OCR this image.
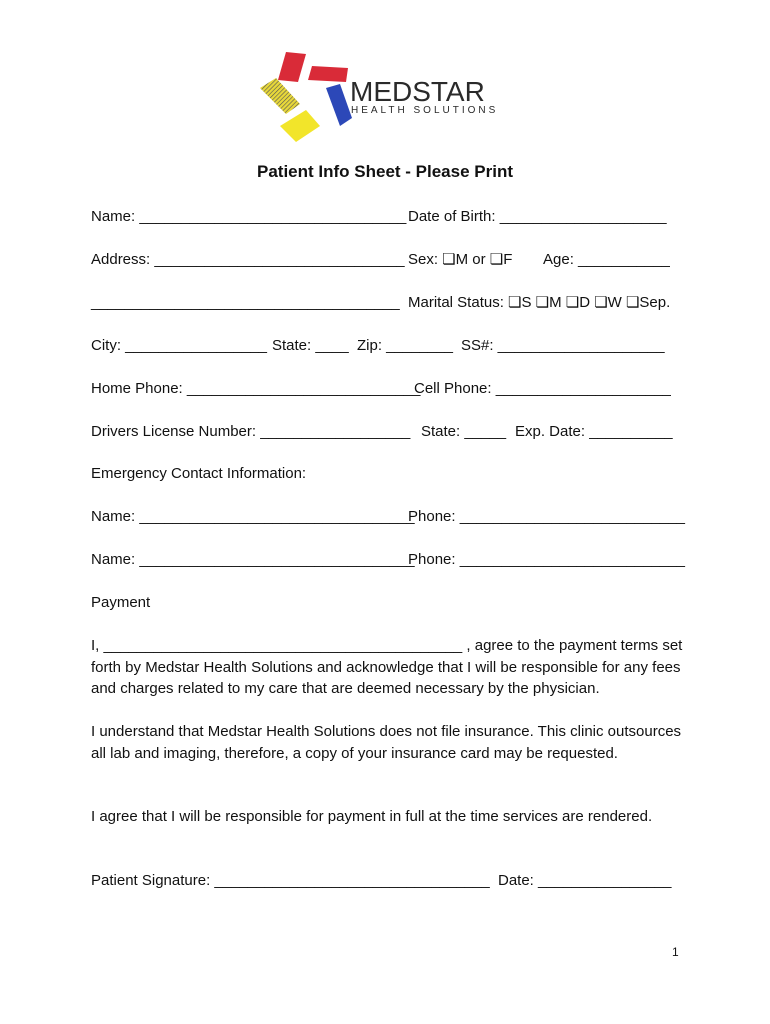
MEDSTAR
HEALTH SOLUTIONS
Patient Info Sheet - Please Print
Name: ________________________________ Date of Birth: ____________________
Address: ______________________________ Sex: ❏M or ❏F Age: ___________
_____________________________________ Marital Status: ❏S ❏M ❏D ❏W ❏Sep.
City: _________________ State: ____ Zip: ________ SS#: ____________________
Home Phone: ____________________________
Cell Phone: _____________________
Drivers License Number: __________________ State: _____ Exp. Date: __________
Emergency Contact Information:
Name: _________________________________
Phone: ___________________________
Name: _________________________________
Phone: ___________________________
Payment
I, ___________________________________________ , agree to the payment terms set forth by Medstar Health Solutions and acknowledge that I will be responsible for any fees and charges related to my care that are deemed necessary by the physician.
I understand that Medstar Health Solutions does not file insurance. This clinic outsources all lab and imaging, therefore, a copy of your insurance card may be requested.
I agree that I will be responsible for payment in full at the time services are rendered.
Patient Signature: _________________________________ Date: ________________
1
